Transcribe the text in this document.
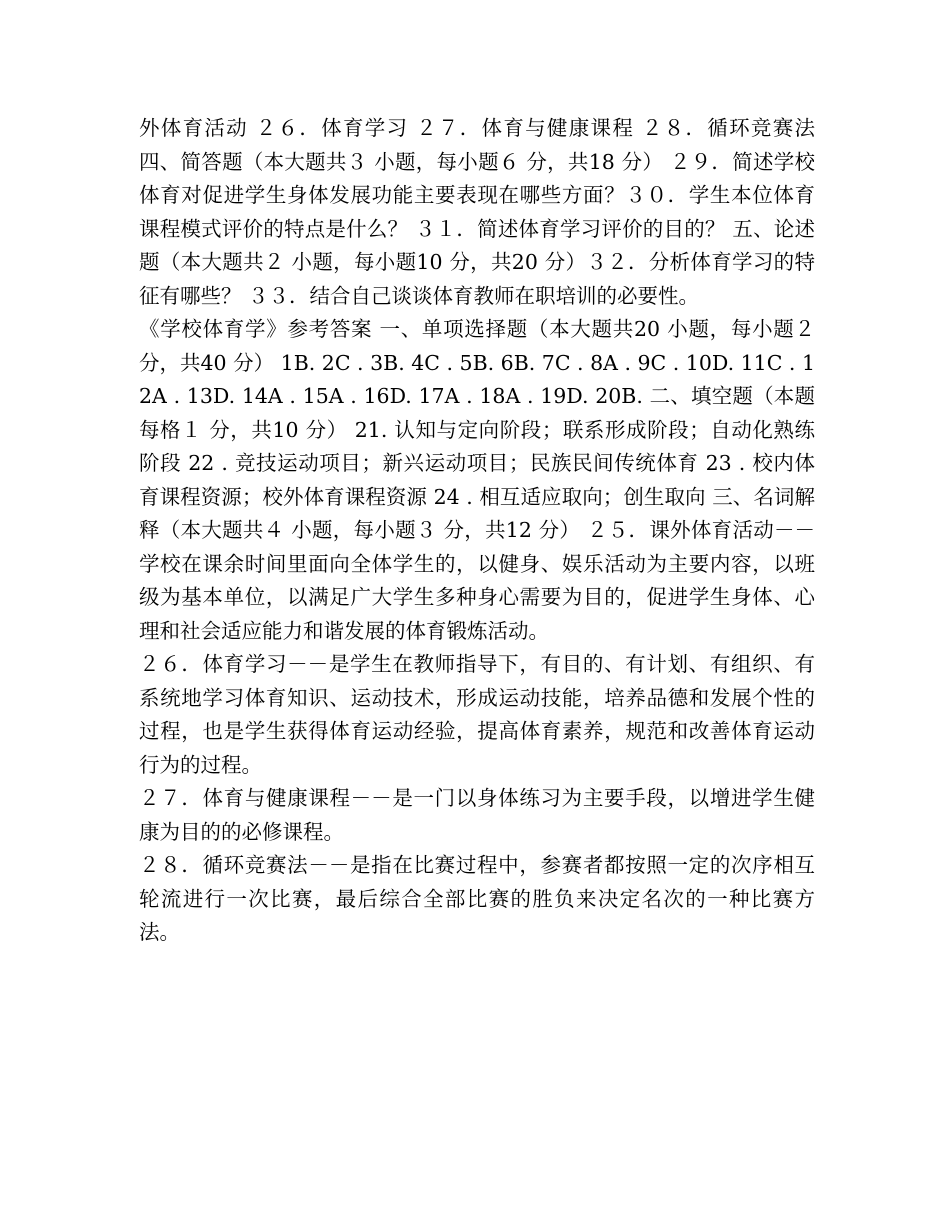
外体育活动 ２６．体育学习 ２７．体育与健康课程 ２８．循环竞赛法 四、简答题（本大题共３ 小题，每小题６ 分，共18 分） ２９．简述学校体育对促进学生身体发展功能主要表现在哪些方面？３０．学生本位体育课程模式评价的特点是什么？ ３１．简述体育学习评价的目的？ 五、论述题（本大题共２ 小题，每小题10 分，共20 分）３２．分析体育学习的特征有哪些？ ３３．结合自己谈谈体育教师在职培训的必要性。

《学校体育学》参考答案 一、单项选择题（本大题共20 小题，每小题２ 分，共40 分） 1B. 2C . 3B. 4C . 5B. 6B. 7C . 8A . 9C . 10D. 11C . 12A . 13D. 14A . 15A . 16D. 17A . 18A . 19D. 20B. 二、填空题（本题每格１ 分，共10 分） 21. 认知与定向阶段；联系形成阶段；自动化熟练阶段 22 . 竞技运动项目；新兴运动项目；民族民间传统体育 23 . 校内体育课程资源；校外体育课程资源 24 . 相互适应取向；创生取向 三、名词解释（本大题共４ 小题，每小题３ 分，共12 分） ２５．课外体育活动－－学校在课余时间里面向全体学生的，以健身、娱乐活动为主要内容，以班级为基本单位，以满足广大学生多种身心需要为目的，促进学生身体、心理和社会适应能力和谐发展的体育锻炼活动。

２６．体育学习－－是学生在教师指导下，有目的、有计划、有组织、有系统地学习体育知识、运动技术，形成运动技能，培养品德和发展个性的过程，也是学生获得体育运动经验，提高体育素养，规范和改善体育运动行为的过程。

２７．体育与健康课程－－是一门以身体练习为主要手段，以增进学生健康为目的的必修课程。

２８．循环竞赛法－－是指在比赛过程中，参赛者都按照一定的次序相互轮流进行一次比赛，最后综合全部比赛的胜负来决定名次的一种比赛方法。
